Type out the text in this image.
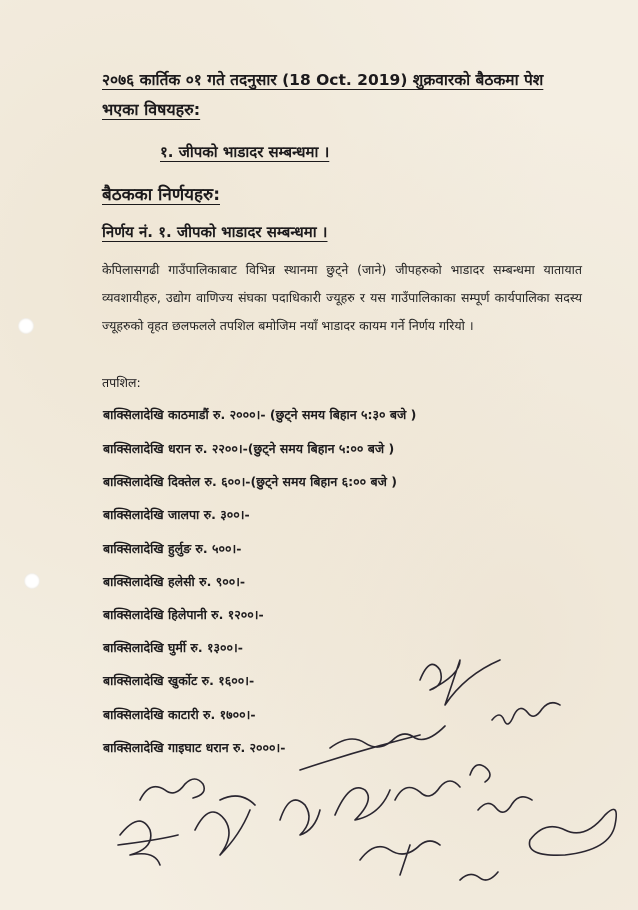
२०७६ कार्तिक ०१ गते तदनुसार (18 Oct. 2019) शुक्रवारको बैठकमा पेश
भएका विषयहरु:
१. जीपको भाडादर सम्बन्धमा ।
बैठकका निर्णयहरु:
निर्णय नं. १. जीपको भाडादर सम्बन्धमा ।
केपिलासगढी गाउँपालिकाबाट विभिन्न स्थानमा छुट्ने (जाने) जीपहरुको भाडादर सम्बन्धमा यातायात व्यवशायीहरु, उद्योग वाणिज्य संघका पदाधिकारी ज्यूहरु र यस गाउँपालिकाका सम्पूर्ण कार्यपालिका सदस्य ज्यूहरुको वृहत छलफलले तपशिल बमोजिम नयाँ भाडादर कायम गर्ने निर्णय गरियो ।
तपशिल:
बाक्सिलादेखि काठमाडौं रु. २०००।- (छुट्ने समय बिहान ५:३० बजे )
बाक्सिलादेखि धरान रु. २२००।-(छुट्ने समय बिहान ५:०० बजे )
बाक्सिलादेखि दिक्तेल रु. ६००।-(छुट्ने समय बिहान ६:०० बजे )
बाक्सिलादेखि जालपा रु. ३००।-
बाक्सिलादेखि हुर्लुङ रु. ५००।-
बाक्सिलादेखि हलेसी रु. ९००।-
बाक्सिलादेखि हिलेपानी रु. १२००।-
बाक्सिलादेखि घुर्मी रु. १३००।-
बाक्सिलादेखि खुर्कोट रु. १६००।-
बाक्सिलादेखि काटारी रु. १७००।-
बाक्सिलादेखि गाइघाट धरान रु. २०००।-
